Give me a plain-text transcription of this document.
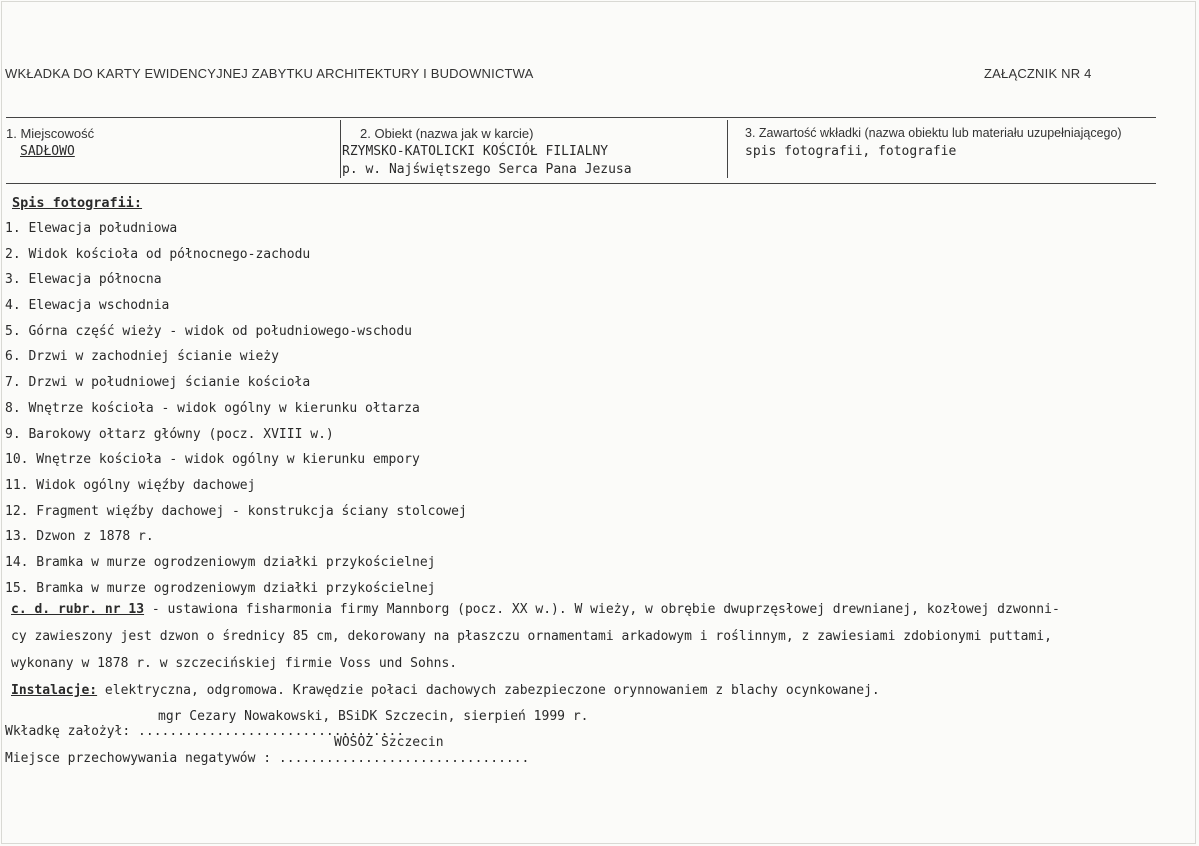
WKŁADKA DO KARTY EWIDENCYJNEJ ZABYTKU ARCHITEKTURY I BUDOWNICTWA	ZAŁĄCZNIK NR 4
1. Miejscowość
SADŁOWO
2. Obiekt (nazwa jak w karcie)
RZYMSKO-KATOLICKI KOŚCIÓŁ FILIALNY
p. w. Najświętszego Serca Pana Jezusa
3. Zawartość wkładki (nazwa obiektu lub materiału uzupełniającego)
spis fotografii, fotografie
Spis fotografii:
1. Elewacja południowa
2. Widok kościoła od północnego-zachodu
3. Elewacja północna
4. Elewacja wschodnia
5. Górna część wieży - widok od południowego-wschodu
6. Drzwi w zachodniej ścianie wieży
7. Drzwi w południowej ścianie kościoła
8. Wnętrze kościoła - widok ogólny w kierunku ołtarza
9. Barokowy ołtarz główny (pocz. XVIII w.)
10. Wnętrze kościoła - widok ogólny w kierunku empory
11. Widok ogólny więźby dachowej
12. Fragment więźby dachowej - konstrukcja ściany stolcowej
13. Dzwon z 1878 r.
14. Bramka w murze ogrodzeniowym działki przykościelnej
15. Bramka w murze ogrodzeniowym działki przykościelnej
c. d. rubr. nr 13 - ustawiona fisharmonia firmy Mannborg (pocz. XX w.). W wieży, w obrębie dwuprzęsłowej drewnianej, kozłowej dzwonni-
cy zawieszony jest dzwon o średnicy 85 cm, dekorowany na płaszczu ornamentami arkadowym i roślinnym, z zawiesiami zdobionymi puttami,
wykonany w 1878 r. w szczecińskiej firmie Voss und Sohns.
Instalacje: elektryczna, odgromowa. Krawędzie połaci dachowych zabezpieczone orynnowaniem z blachy ocynkowanej.
mgr Cezary Nowakowski, BSiDK Szczecin, sierpień 1999 r.
Wkładkę założył: ..................................
WOSOZ Szczecin
Miejsce przechowywania negatywów : ................................
